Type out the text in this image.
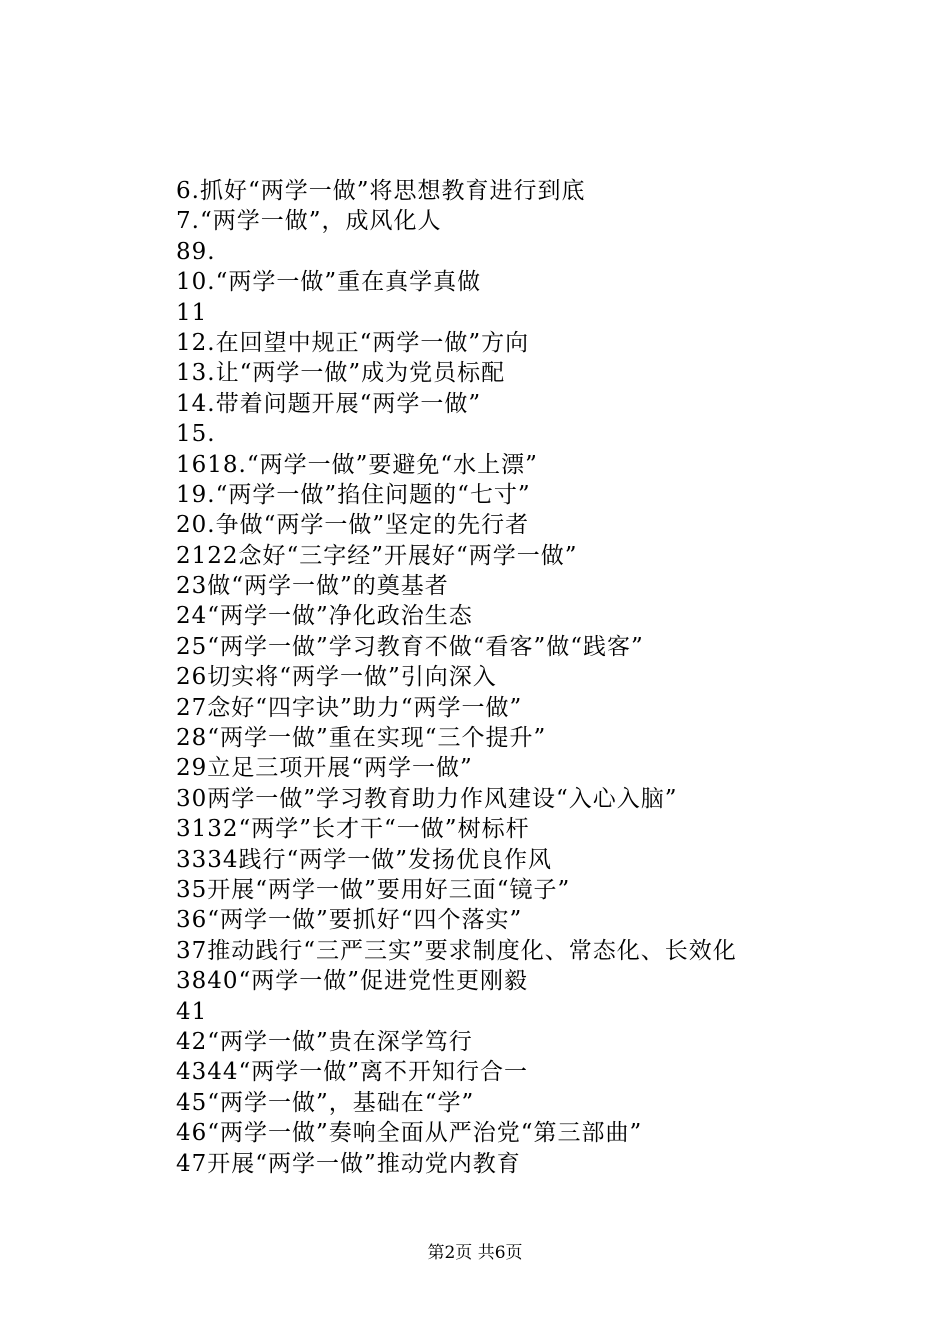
6.抓好“两学一做”将思想教育进行到底
7.“两学一做”，成风化人
89.
10.“两学一做”重在真学真做
11
12.在回望中规正“两学一做”方向
13.让“两学一做”成为党员标配
14.带着问题开展“两学一做”
15.
1618.“两学一做”要避免“水上漂”
19.“两学一做”掐住问题的“七寸”
20.争做“两学一做”坚定的先行者
2122念好“三字经”开展好“两学一做”
23做“两学一做”的奠基者
24“两学一做”净化政治生态
25“两学一做”学习教育不做“看客”做“践客”
26切实将“两学一做”引向深入
27念好“四字诀”助力“两学一做”
28“两学一做”重在实现“三个提升”
29立足三项开展“两学一做”
30两学一做”学习教育助力作风建设“入心入脑”
3132“两学”长才干“一做”树标杆
3334践行“两学一做”发扬优良作风
35开展“两学一做”要用好三面“镜子”
36“两学一做”要抓好“四个落实”
37推动践行“三严三实”要求制度化、常态化、长效化
3840“两学一做”促进党性更刚毅
41
42“两学一做”贵在深学笃行
4344“两学一做”离不开知行合一
45“两学一做”，基础在“学”
46“两学一做”奏响全面从严治党“第三部曲”
47开展“两学一做”推动党内教育
第2页 共6页
